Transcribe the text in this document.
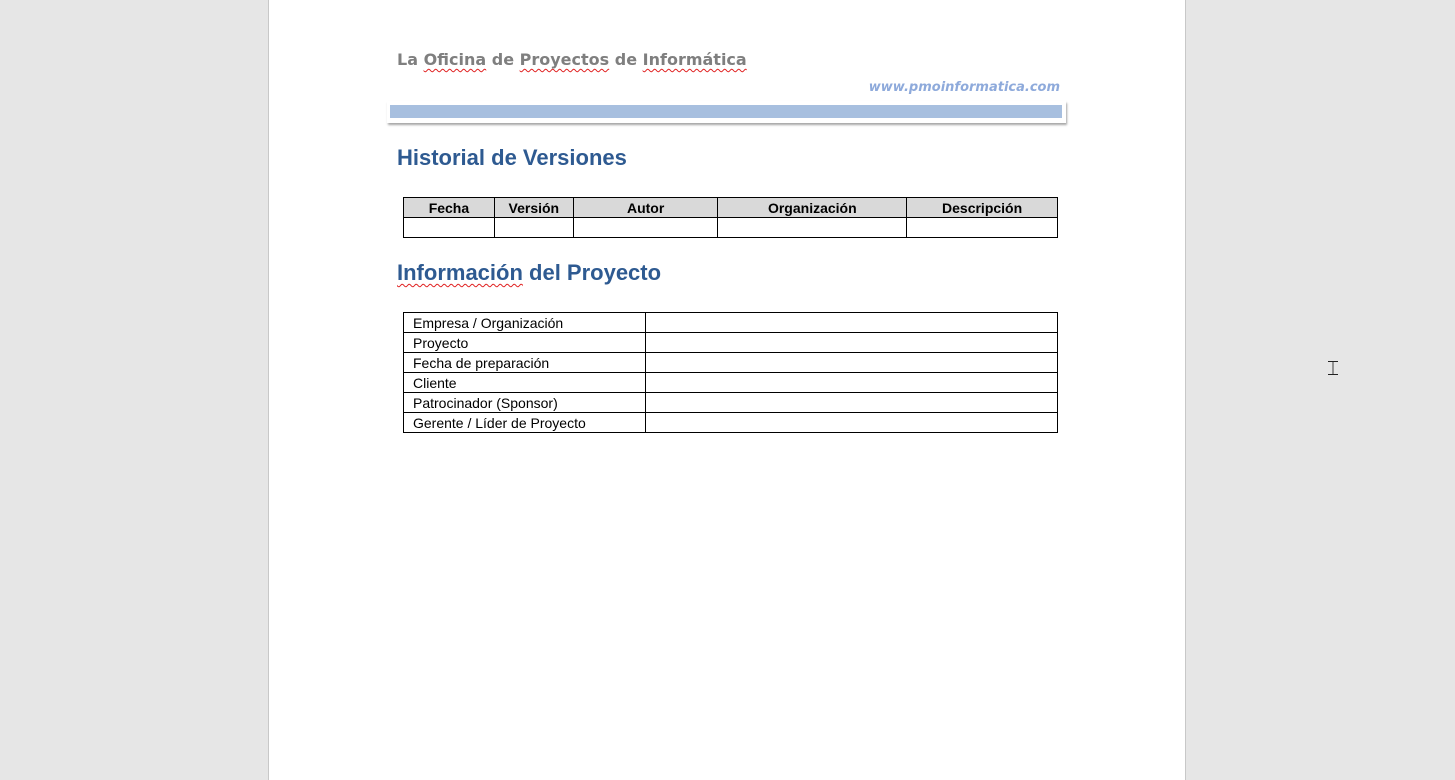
La Oficina de Proyectos de Informática
www.pmoinformatica.com
Historial de Versiones
Fecha	Versión	Autor	Organización	Descripción

Información del Proyecto
Empresa / Organización	
Proyecto	
Fecha de preparación	
Cliente	
Patrocinador (Sponsor)	
Gerente / Líder de Proyecto	
⌶
